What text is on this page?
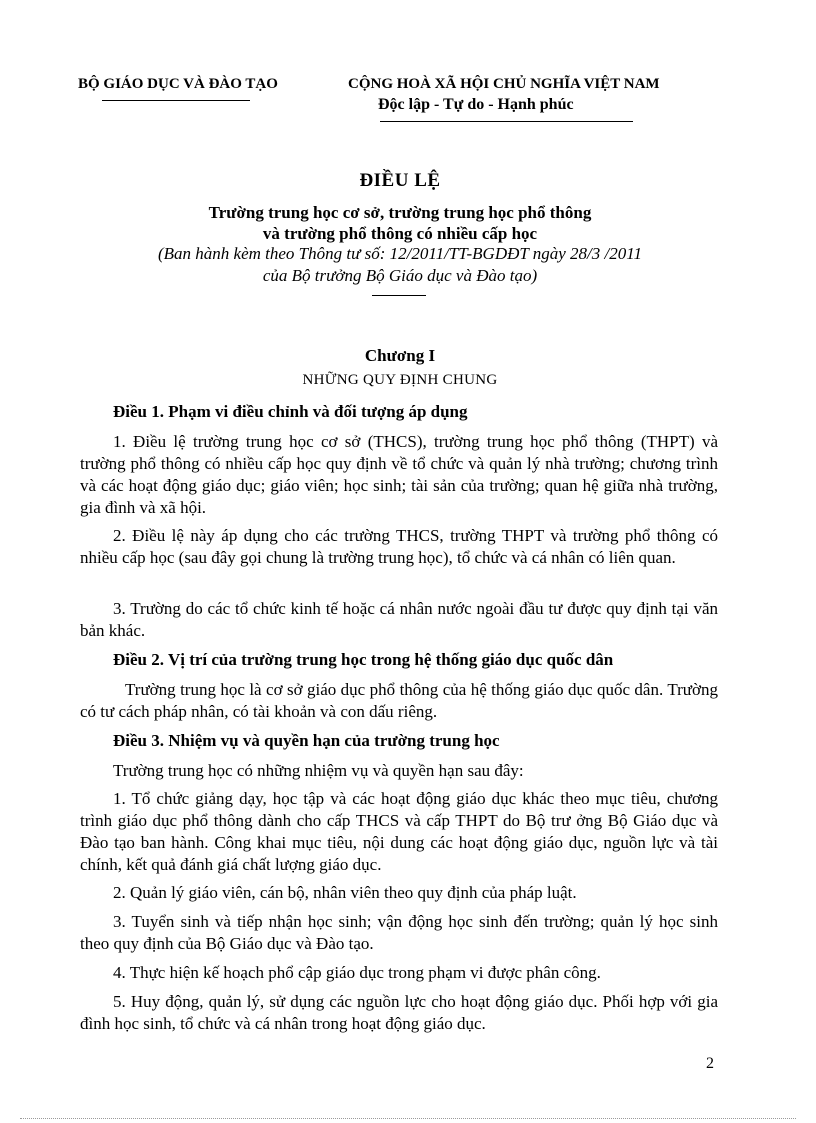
BỘ GIÁO DỤC VÀ ĐÀO TẠO	CỘNG HOÀ XÃ HỘI CHỦ NGHĨA VIỆT NAM
Độc lập - Tự do - Hạnh phúc
ĐIỀU LỆ
Trường trung học cơ sở, trường trung học phổ thông
và trường phổ thông có nhiều cấp học
(Ban hành kèm theo Thông tư số: 12/2011/TT-BGDĐT ngày 28/3 /2011
của Bộ trưởng Bộ Giáo dục và Đào tạo)
Chương I
NHỮNG QUY ĐỊNH CHUNG
Điều 1. Phạm vi điều chỉnh và đối tượng áp dụng
1. Điều lệ trường trung học cơ sở (THCS), trường trung học phổ thông (THPT) và trường phổ thông có nhiều cấp học quy định về tổ chức và quản lý nhà trường; chương trình và các hoạt động giáo dục; giáo viên; học sinh; tài sản của trường; quan hệ giữa nhà trường, gia đình và xã hội.
2. Điều lệ này áp dụng cho các trường THCS, trường THPT và trường phổ thông có nhiều cấp học (sau đây gọi chung là trường trung học), tổ chức và cá nhân có liên quan.
3. Trường do các tổ chức kinh tế hoặc cá nhân nước ngoài đầu tư được quy định tại văn bản khác.
Điều 2. Vị trí của trường trung học trong hệ thống giáo dục quốc dân
Trường trung học là cơ sở giáo dục phổ thông của hệ thống giáo dục quốc dân. Trường có tư cách pháp nhân, có tài khoản và con dấu riêng.
Điều 3. Nhiệm vụ và quyền hạn của trường trung học
Trường trung học có những nhiệm vụ và quyền hạn sau đây:
1. Tổ chức giảng dạy, học tập và các hoạt động giáo dục khác theo mục tiêu, chương trình giáo dục phổ thông dành cho cấp THCS và cấp THPT do Bộ trư ởng Bộ Giáo dục và Đào tạo ban hành. Công khai mục tiêu, nội dung các hoạt động giáo dục, nguồn lực và tài chính, kết quả đánh giá chất lượng giáo dục.
2. Quản lý giáo viên, cán bộ, nhân viên theo quy định của pháp luật.
3. Tuyển sinh và tiếp nhận học sinh; vận động học sinh đến trường; quản lý học sinh theo quy định của Bộ Giáo dục và Đào tạo.
4. Thực hiện kế hoạch phổ cập giáo dục trong phạm vi được phân công.
5. Huy động, quản lý, sử dụng các nguồn lực cho hoạt động giáo dục. Phối hợp với gia đình học sinh, tổ chức và cá nhân trong hoạt động giáo dục.
2
